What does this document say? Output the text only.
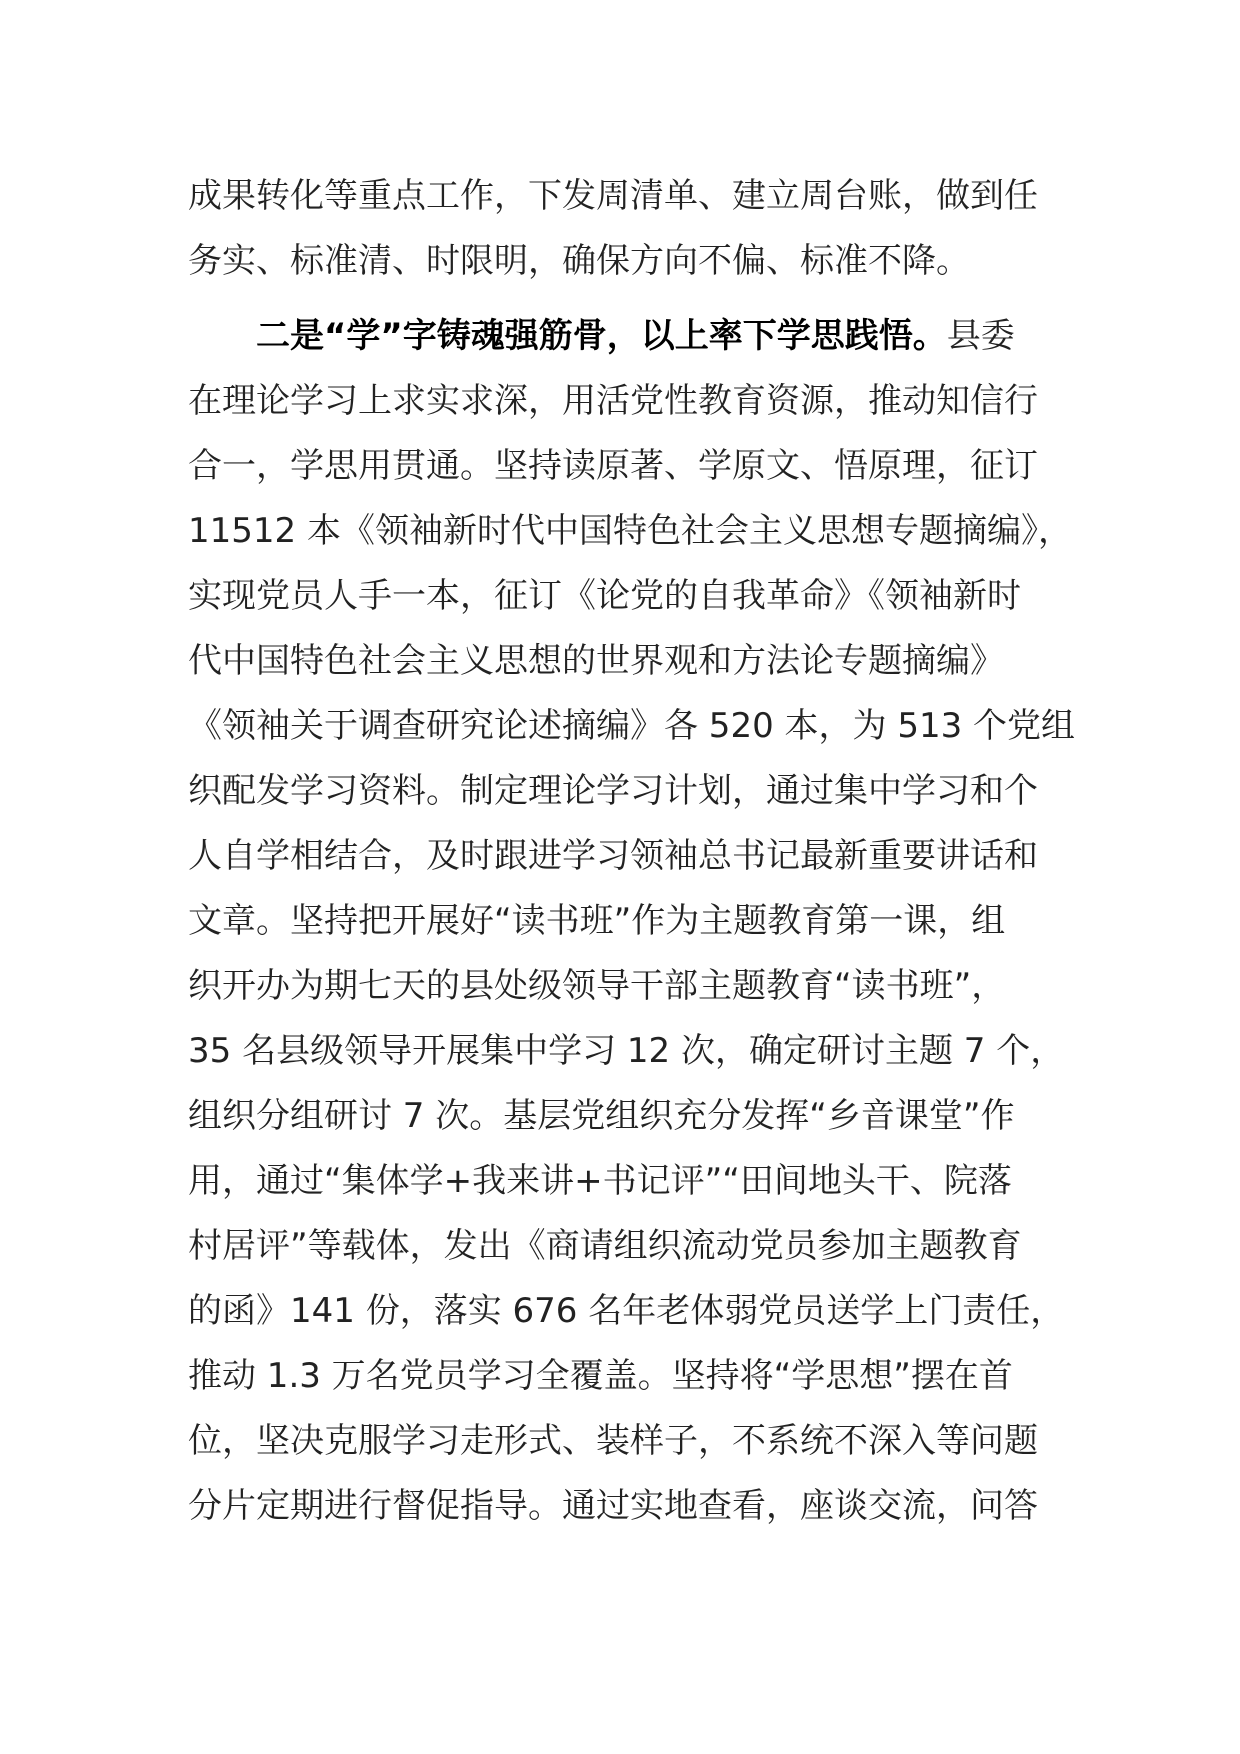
成果转化等重点工作，下发周清单、建立周台账，做到任
务实、标准清、时限明，确保方向不偏、标准不降。
二是“学”字铸魂强筋骨，以上率下学思践悟。县委
在理论学习上求实求深，用活党性教育资源，推动知信行
合一，学思用贯通。坚持读原著、学原文、悟原理，征订
11512 本《领袖新时代中国特色社会主义思想专题摘编》，
实现党员人手一本，征订《论党的自我革命》《领袖新时
代中国特色社会主义思想的世界观和方法论专题摘编》
《领袖关于调查研究论述摘编》各 520 本，为 513 个党组
织配发学习资料。制定理论学习计划，通过集中学习和个
人自学相结合，及时跟进学习领袖总书记最新重要讲话和
文章。坚持把开展好“读书班”作为主题教育第一课，组
织开办为期七天的县处级领导干部主题教育“读书班”，
35 名县级领导开展集中学习 12 次，确定研讨主题 7 个，
组织分组研讨 7 次。基层党组织充分发挥“乡音课堂”作
用，通过“集体学+我来讲+书记评”“田间地头干、院落
村居评”等载体，发出《商请组织流动党员参加主题教育
的函》141 份，落实 676 名年老体弱党员送学上门责任，
推动 1.3 万名党员学习全覆盖。坚持将“学思想”摆在首
位，坚决克服学习走形式、装样子，不系统不深入等问题
分片定期进行督促指导。通过实地查看，座谈交流，问答
